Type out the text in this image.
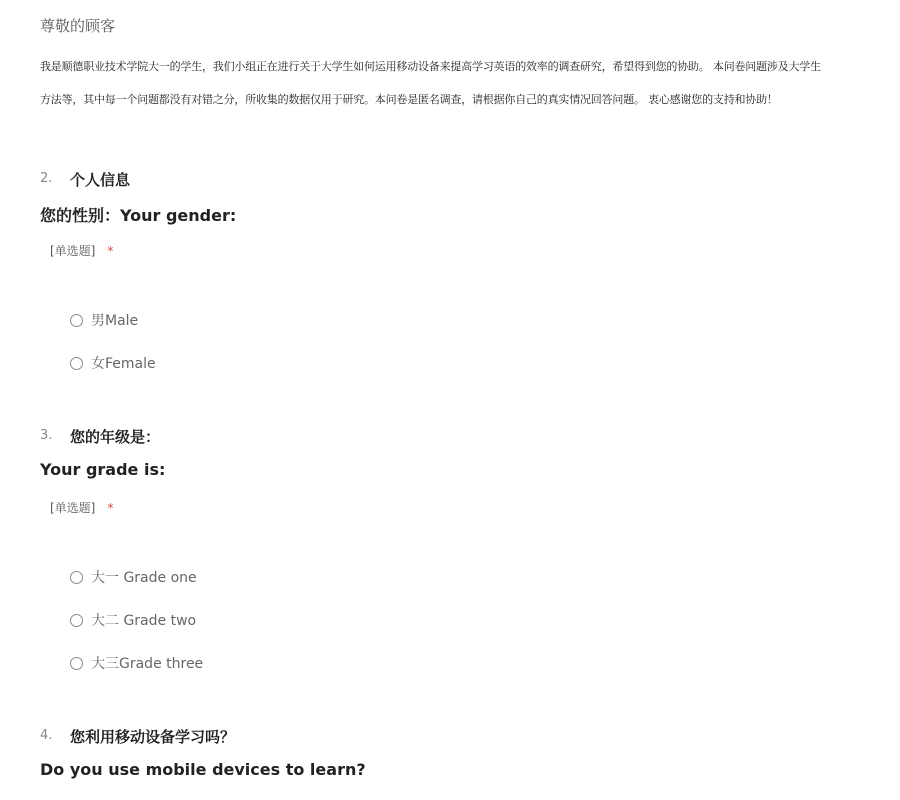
尊敬的顾客
我是顺德职业技术学院大一的学生，我们小组正在进行关于大学生如何运用移动设备来提高学习英语的效率的调查研究，希望得到您的协助。 本问卷问题涉及大学生
方法等，其中每一个问题都没有对错之分，所收集的数据仅用于研究。本问卷是匿名调查，请根据你自己的真实情况回答问题。 衷心感谢您的支持和协助！
2. 个人信息
您的性别：Your gender:
[单选题] *
男Male
女Female
3. 您的年级是：
Your grade is:
[单选题] *
大一 Grade one
大二 Grade two
大三Grade three
4. 您利用移动设备学习吗？
Do you use mobile devices to learn?
